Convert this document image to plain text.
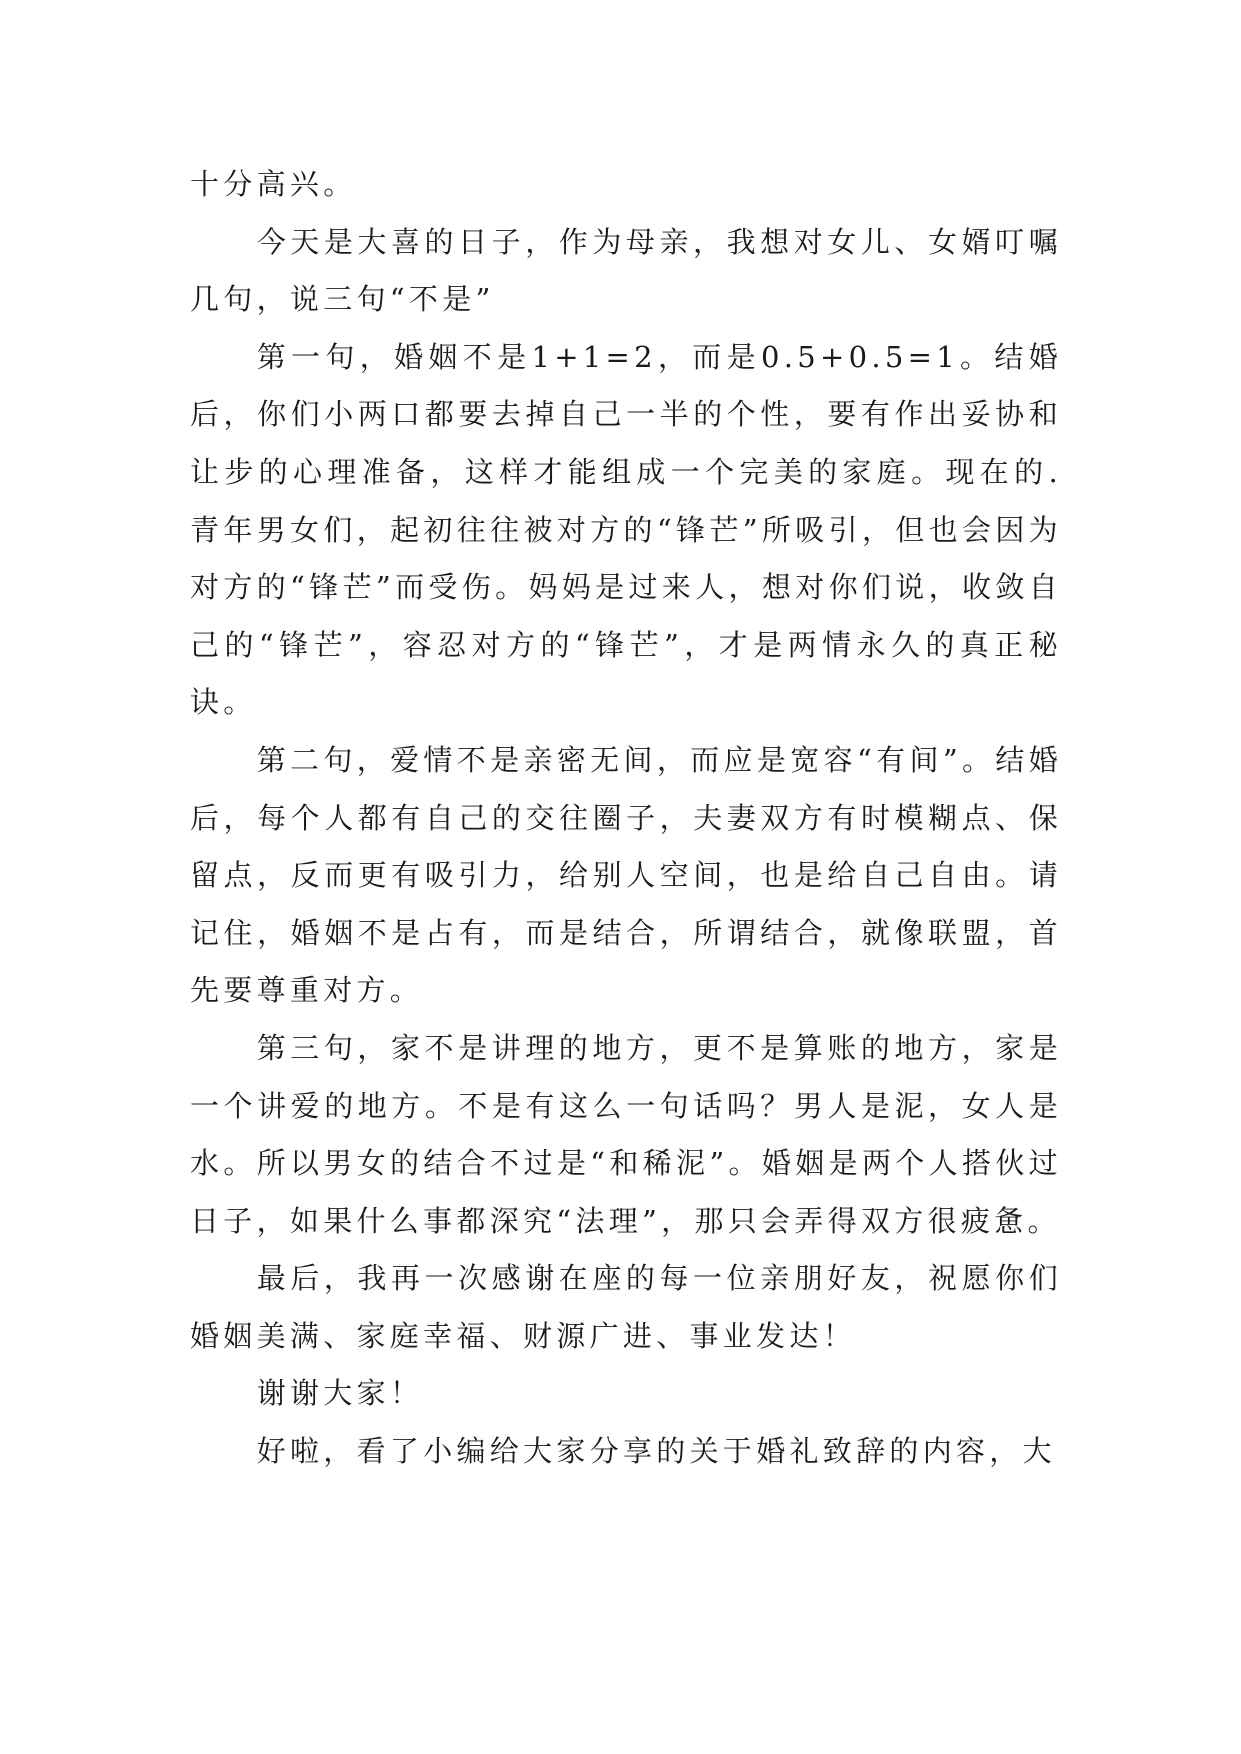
十分高兴。

今天是大喜的日子，作为母亲，我想对女儿、女婿叮嘱几句，说三句“不是”

第一句，婚姻不是1+1=2，而是0.5+0.5=1。结婚后，你们小两口都要去掉自己一半的个性，要有作出妥协和让步的心理准备，这样才能组成一个完美的家庭。现在的.青年男女们，起初往往被对方的“锋芒”所吸引，但也会因为对方的“锋芒”而受伤。妈妈是过来人，想对你们说，收敛自己的“锋芒”，容忍对方的“锋芒”，才是两情永久的真正秘诀。

第二句，爱情不是亲密无间，而应是宽容“有间”。结婚后，每个人都有自己的交往圈子，夫妻双方有时模糊点、保留点，反而更有吸引力，给别人空间，也是给自己自由。请记住，婚姻不是占有，而是结合，所谓结合，就像联盟，首先要尊重对方。

第三句，家不是讲理的地方，更不是算账的地方，家是一个讲爱的地方。不是有这么一句话吗？男人是泥，女人是水。所以男女的结合不过是“和稀泥”。婚姻是两个人搭伙过日子，如果什么事都深究“法理”，那只会弄得双方很疲惫。

最后，我再一次感谢在座的每一位亲朋好友，祝愿你们婚姻美满、家庭幸福、财源广进、事业发达！

谢谢大家！

好啦，看了小编给大家分享的关于婚礼致辞的内容，大
